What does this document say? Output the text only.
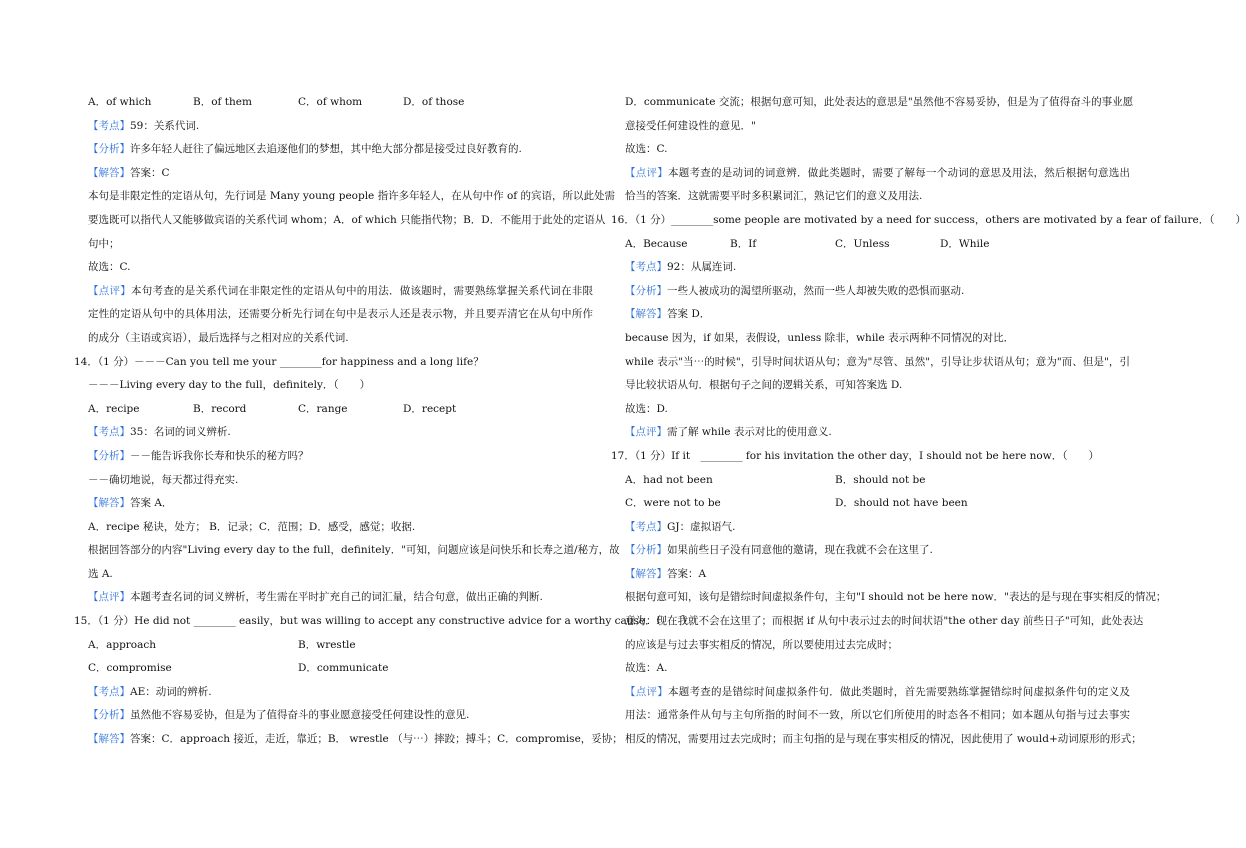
A．of which	B．of them	C．of whom	D．of those
【考点】59：关系代词.
【分析】许多年轻人赶往了偏远地区去追逐他们的梦想，其中绝大部分都是接受过良好教育的.
【解答】答案：C
本句是非限定性的定语从句，先行词是 Many young people 指许多年轻人，在从句中作 of 的宾语，所以此处需
要选既可以指代人又能够做宾语的关系代词 whom；A．of which 只能指代物；B．D．不能用于此处的定语从
句中；
故选：C.
【点评】本句考查的是关系代词在非限定性的定语从句中的用法．做该题时，需要熟练掌握关系代词在非限
定性的定语从句中的具体用法，还需要分析先行词在句中是表示人还是表示物，并且要弄清它在从句中所作
的成分（主语或宾语），最后选择与之相对应的关系代词.
14．（1 分）－－－Can you tell me your ________for happiness and a long life？
－－－Living every day to the full，definitely．（　　）
A．recipe	B．record	C．range	D．recept
【考点】35：名词的词义辨析.
【分析】－－能告诉我你长寿和快乐的秘方吗？
－－确切地说，每天都过得充实.
【解答】答案 A．
A．recipe 秘诀，处方； B．记录；C．范围；D．感受，感觉；收据.
根据回答部分的内容"Living every day to the full，definitely．"可知，问题应该是问快乐和长寿之道/秘方，故
选 A.
【点评】本题考查名词的词义辨析，考生需在平时扩充自己的词汇量，结合句意，做出正确的判断.
15．（1 分）He did not ________ easily，but was willing to accept any constructive advice for a worthy cause．（　　）
A．approach	B．wrestle
C．compromise	D．communicate
【考点】AE：动词的辨析.
【分析】虽然他不容易妥协，但是为了值得奋斗的事业愿意接受任何建设性的意见.
【解答】答案：C．approach 接近，走近，靠近；B． wrestle （与⋯）摔跤；搏斗；C．compromise，妥协；
D．communicate 交流；根据句意可知，此处表达的意思是"虽然他不容易妥协，但是为了值得奋斗的事业愿
意接受任何建设性的意见．"
故选：C.
【点评】本题考查的是动词的词意辨．做此类题时，需要了解每一个动词的意思及用法，然后根据句意选出
恰当的答案．这就需要平时多积累词汇，熟记它们的意义及用法.
16．（1 分）________some people are motivated by a need for success，others are motivated by a fear of failure．（　　）
A．Because	B．If	C．Unless	D．While
【考点】92：从属连词.
【分析】一些人被成功的渴望所驱动，然而一些人却被失败的恐惧而驱动.
【解答】答案 D．
because 因为，if 如果，表假设，unless 除非，while 表示两种不同情况的对比．
while 表示"当⋯的时候"，引导时间状语从句；意为"尽管、虽然"，引导让步状语从句；意为"而、但是"，引
导比较状语从句．根据句子之间的逻辑关系，可知答案选 D.
故选：D.
【点评】需了解 while 表示对比的使用意义.
17．（1 分）If it　________ for his invitation the other day，I should not be here now．（　　）
A．had not been	B．should not be
C．were not to be	D．should not have been
【考点】GJ：虚拟语气.
【分析】如果前些日子没有同意他的邀请，现在我就不会在这里了.
【解答】答案：A
根据句意可知，该句是错综时间虚拟条件句，主句"I should not be here now．"表达的是与现在事实相反的情况；
意为：现在我就不会在这里了；而根据 if 从句中表示过去的时间状语"the other day 前些日子"可知，此处表达
的应该是与过去事实相反的情况，所以要使用过去完成时；
故选：A.
【点评】本题考查的是错综时间虚拟条件句．做此类题时，首先需要熟练掌握错综时间虚拟条件句的定义及
用法：通常条件从句与主句所指的时间不一致，所以它们所使用的时态各不相同；如本题从句指与过去事实
相反的情况，需要用过去完成时；而主句指的是与现在事实相反的情况，因此使用了 would+动词原形的形式；
